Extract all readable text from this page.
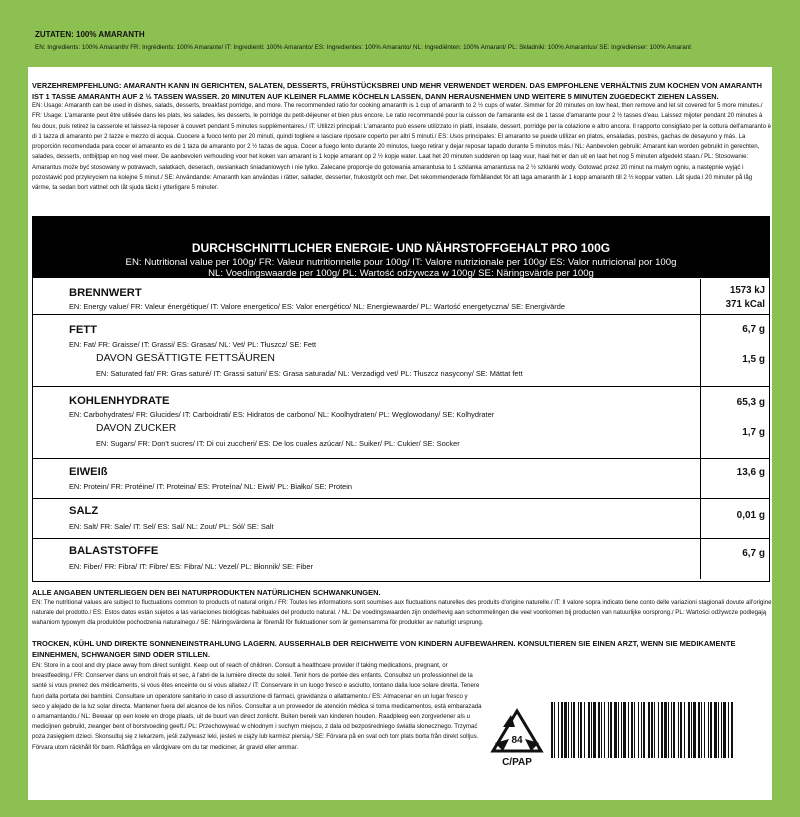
ZUTATEN: 100% AMARANTH
EN: Ingredients: 100% Amaranth/ FR: Ingrédients: 100% Amarante/ IT: Ingredienti: 100% Amaranto/ ES: Ingredientes: 100% Amaranto/ NL: Ingrediënten: 100% Amarant/ PL: Składniki: 100% Amarantus/ SE: Ingredienser: 100% Amarant
VERZEHREMPFEHLUNG: AMARANTH KANN IN GERICHTEN, SALATEN, DESSERTS, FRÜHSTÜCKSBREI UND MEHR VERWENDET WERDEN. DAS EMPFOHLENE VERHÄLTNIS ZUM KOCHEN VON AMARANTH IST 1 TASSE AMARANTH AUF 2 ½ TASSEN WASSER. 20 MINUTEN AUF KLEINER FLAMME KÖCHELN LASSEN, DANN HERAUSNEHMEN UND WEITERE 5 MINUTEN ZUGEDECKT ZIEHEN LASSEN.
EN: Usage: Amaranth can be used in dishes, salads, desserts, breakfast porridge, and more. The recommended ratio for cooking amaranth is 1 cup of amaranth to 2 ½ cups of water. Simmer for 20 minutes on low heat, then remove and let sit covered for 5 more minutes./ FR: Usage: L'amarante peut être utilisée dans les plats, les salades, les desserts, le porridge du petit-déjeuner et bien plus encore. Le ratio recommandé pour la cuisson de l'amarante est de 1 tasse d'amarante pour 2 ½ tasses d'eau. Laissez mijoter pendant 20 minutes à feu doux, puis retirez la casserole et laissez-la reposer à couvert pendant 5 minutes supplémentaires./ IT: Utilizzi principali: L'amaranto può essere utilizzato in piatti, insalate, dessert, porridge per la colazione e altro ancora. Il rapporto consigliato per la cottura dell'amaranto è di 1 tazza di amaranto per 2 tazze e mezzo di acqua. Cuocere a fuoco lento per 20 minuti, quindi togliere e lasciare riposare coperto per altri 5 minuti./ ES: Usos principales: El amaranto se puede utilizar en platos, ensaladas, postres, gachas de desayuno y más. La proporción recomendada para cocer el amaranto es de 1 taza de amaranto por 2 ½ tazas de agua. Cocer a fuego lento durante 20 minutos, luego retirar y dejar reposar tapado durante 5 minutos más./ NL: Aanbevolen gebruik: Amarant kan worden gebruikt in gerechten, salades, desserts, ontbijtpap en nog veel meer. De aanbevolen verhouding voor het koken van amarant is 1 kopje amarant op 2 ½ kopje water. Laat het 20 minuten sudderen op laag vuur, haal het er dan uit en laat het nog 5 minuten afgedekt staan./ PL: Stosowanie: Amarantus może być stosowany w potrawach, sałatkach, deserach, owsiankach śniadaniowych i nie tylko. Zalecane proporcje do gotowania amarantusa to 1 szklanka amarantusa na 2 ½ szklanki wody. Gotować przez 20 minut na małym ogniu, a następnie wyjąć i pozostawić pod przykryciem na kolejne 5 minut./ SE: Användande: Amaranth kan användas i rätter, sallader, desserter, frukostgröt och mer. Det rekommenderade förhållandet för att laga amaranth är 1 kopp amaranth till 2 ½ koppar vatten. Låt sjuda i 20 minuter på låg värme, ta sedan bort vattnet och låt sjuda täckt i ytterligare 5 minuter.
DURCHSCHNITTLICHER ENERGIE- UND NÄHRSTOFFGEHALT PRO 100G
EN: Nutritional value per 100g/ FR: Valeur nutritionnelle pour 100g/ IT: Valore nutrizionale per 100g/ ES: Valor nutricional por 100g
NL: Voedingswaarde per 100g/ PL: Wartość odżywcza w 100g/ SE: Näringsvärde per 100g
BRENNWERT
EN: Energy value/ FR: Valeur énergétique/ IT: Valore energetico/ ES: Valor energético/ NL: Energiewaarde/ PL: Wartość energetyczna/ SE: Energivärde
1573 kJ
371 kCal
FETT
EN: Fat/ FR: Graisse/ IT: Grassi/ ES: Grasas/ NL: Vet/ PL: Tłuszcz/ SE: Fett
DAVON GESÄTTIGTE FETTSÄUREN
EN: Saturated fat/ FR: Gras saturé/ IT: Grassi saturi/ ES: Grasa saturada/ NL: Verzadigd vet/ PL: Tłuszcz nasycony/ SE: Mättat fett
6,7 g
1,5 g
KOHLENHYDRATE
EN: Carbohydrates/ FR: Glucides/ IT: Carboidrati/ ES: Hidratos de carbono/ NL: Koolhydraten/ PL: Węglowodany/ SE: Kolhydrater
DAVON ZUCKER
EN: Sugars/ FR: Don't sucres/ IT: Di cui zuccheri/ ES: De los cuales azúcar/ NL: Suiker/ PL: Cukier/ SE: Socker
65,3 g
1,7 g
EIWEIß
EN: Protein/ FR: Protéine/ IT: Proteina/ ES: Proteína/ NL: Eiwit/ PL: Białko/ SE: Protein
13,6 g
SALZ
EN: Salt/ FR: Sale/ IT: Sel/ ES: Sal/ NL: Zout/ PL: Sól/ SE: Salt
0,01 g
BALASTSTOFFE
EN: Fiber/ FR: Fibra/ IT: Fibre/ ES: Fibra/ NL: Vezel/ PL: Błonnik/ SE: Fiber
6,7 g
ALLE ANGABEN UNTERLIEGEN DEN BEI NATURPRODUKTEN NATÜRLICHEN SCHWANKUNGEN.
EN: The nutritional values are subject to fluctuations common to products of natural origin./ FR: Toutes les informations sont soumises aux fluctuations naturelles des produits d'origine naturelle./ IT: Il valore sopra indicato tiene conto delle variazioni stagionali dovute all'origine naturale del prodotto./ ES: Estos datos están sujetos a las variaciones biológicas habituales del producto natural. / NL: De voedingswaarden zijn onderhevig aan schommelingen die veel voorkomen bij producten van natuurlijke oorsprong./ PL: Wartości odżywcze podlegają wahaniom typowym dla produktów pochodzenia naturalnego./ SE: Näringsvärdena är föremål för fluktuationer som är gemensamma för produkter av naturligt ursprung.
TROCKEN, KÜHL UND DIREKTE SONNENEINSTRAHLUNG LAGERN. AUSSERHALB DER REICHWEITE VON KINDERN AUFBEWAHREN. KONSULTIEREN SIE EINEN ARZT, WENN SIE MEDIKAMENTE EINNEHMEN, SCHWANGER SIND ODER STILLEN.
EN: Store in a cool and dry place away from direct sunlight. Keep out of reach of children. Consult a healthcare provider if taking medications, pregnant, or breastfeeding./ FR: Conserver dans un endroit frais et sec, à l'abri de la lumière directe du soleil. Tenir hors de portée des enfants. Consultez un professionnel de la santé si vous prenez des médicaments, si vous êtes enceinte ou si vous allaitez./ IT: Conservare in un luogo fresco e asciutto, lontano dalla luce solare diretta. Tenere fuori dalla portata dei bambini. Consultare un operatore sanitario in caso di assunzione di farmaci, gravidanza o allattamento./ ES: Almacenar en un lugar fresco y seco y alejado de la luz solar directa. Mantener fuera del alcance de los niños. Consultar a un proveedor de atención médica si toma medicamentos, está embarazada o amamantando./ NL: Bewaar op een koele en droge plaats, uit de buurt van direct zonlicht. Buiten bereik van kinderen houden. Raadpleeg een zorgverlener als u medicijnen gebruikt, zwanger bent of borstvoeding geeft./ PL: Przechowywać w chłodnym i suchym miejscu, z dala od bezpośredniego światła słonecznego. Trzymać poza zasięgiem dzieci. Skonsultuj się z lekarzem, jeśli zażywasz leki, jesteś w ciąży lub karmisz piersią./ SE: Förvara på en sval och torr plats borta från direkt solljus. Förvara utom räckhåll för barn. Rådfråga en vårdgivare om du tar mediciner, är gravid eller ammar.
84
C/PAP
